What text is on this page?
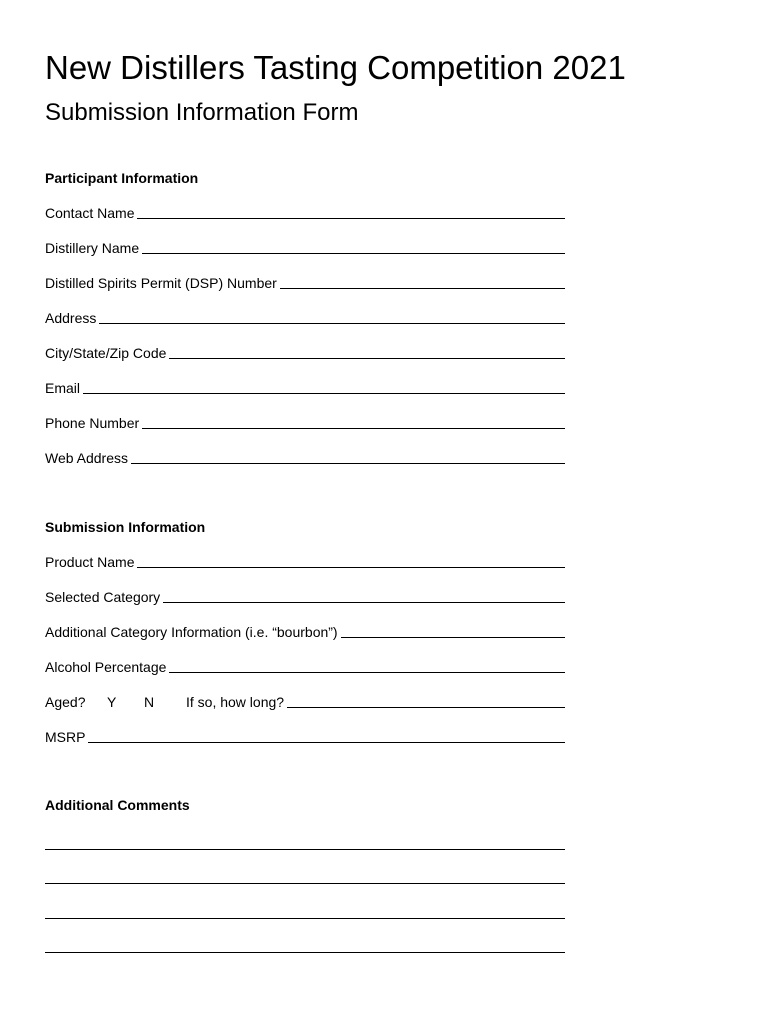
New Distillers Tasting Competition 2021
Submission Information Form
Participant Information
Contact Name
Distillery Name
Distilled Spirits Permit (DSP) Number
Address
City/State/Zip Code
Email
Phone Number
Web Address
Submission Information
Product Name
Selected Category
Additional Category Information (i.e. “bourbon”)
Alcohol Percentage
Aged?	Y	N	If so, how long?
MSRP
Additional Comments
